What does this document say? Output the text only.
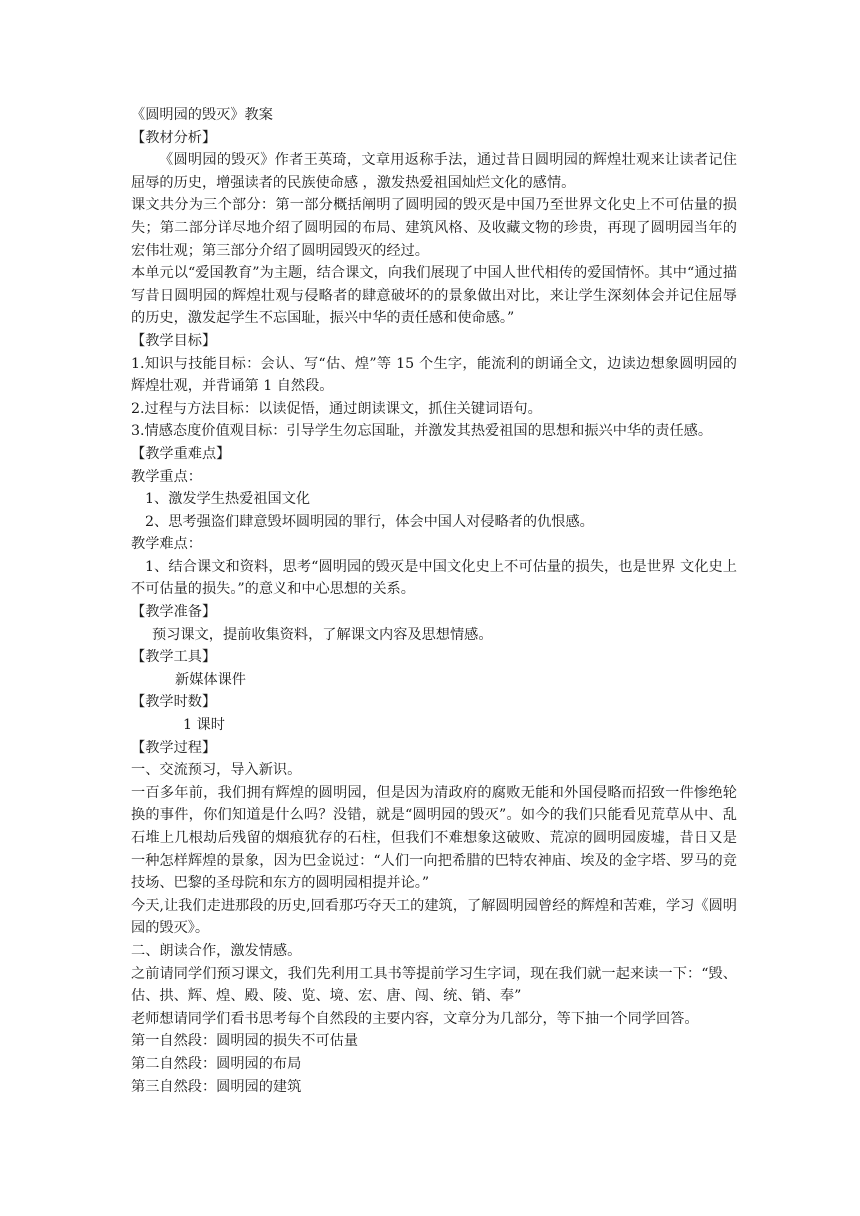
《圆明园的毁灭》教案

【教材分析】

《圆明园的毁灭》作者王英琦，文章用返称手法，通过昔日圆明园的辉煌壮观来让读者记住屈辱的历史，增强读者的民族使命感 ，激发热爱祖国灿烂文化的感情。

课文共分为三个部分：第一部分概括阐明了圆明园的毁灭是中国乃至世界文化史上不可估量的损失；第二部分详尽地介绍了圆明园的布局、建筑风格、及收藏文物的珍贵，再现了圆明园当年的宏伟壮观；第三部分介绍了圆明园毁灭的经过。

本单元以“爱国教育”为主题，结合课文，向我们展现了中国人世代相传的爱国情怀。其中“通过描写昔日圆明园的辉煌壮观与侵略者的肆意破坏的的景象做出对比，来让学生深刻体会并记住屈辱的历史，激发起学生不忘国耻，振兴中华的责任感和使命感。”

【教学目标】

1.知识与技能目标：会认、写“估、煌”等 15 个生字，能流利的朗诵全文，边读边想象圆明园的辉煌壮观，并背诵第 1 自然段。

2.过程与方法目标：以读促悟，通过朗读课文，抓住关键词语句。

3.情感态度价值观目标：引导学生勿忘国耻，并激发其热爱祖国的思想和振兴中华的责任感。

【教学重难点】

教学重点：

1、激发学生热爱祖国文化

2、思考强盗们肆意毁坏圆明园的罪行，体会中国人对侵略者的仇恨感。

教学难点：

1、结合课文和资料，思考“圆明园的毁灭是中国文化史上不可估量的损失，也是世界 文化史上不可估量的损失。”的意义和中心思想的关系。

【教学准备】

预习课文，提前收集资料，了解课文内容及思想情感。

【教学工具】

新媒体课件

【教学时数】

1 课时

【教学过程】

一、交流预习，导入新识。

一百多年前，我们拥有辉煌的圆明园，但是因为清政府的腐败无能和外国侵略而招致一件惨绝轮换的事件，你们知道是什么吗？没错，就是“圆明园的毁灭”。如今的我们只能看见荒草从中、乱石堆上几根劫后残留的烟痕犹存的石柱，但我们不难想象这破败、荒凉的圆明园废墟，昔日又是一种怎样辉煌的景象，因为巴金说过：“人们一向把希腊的巴特农神庙、埃及的金字塔、罗马的竞技场、巴黎的圣母院和东方的圆明园相提并论。”

今天,让我们走进那段的历史,回看那巧夺天工的建筑，了解圆明园曾经的辉煌和苦难，学习《圆明园的毁灭》。

二、朗读合作，激发情感。

之前请同学们预习课文，我们先利用工具书等提前学习生字词，现在我们就一起来读一下：“毁、估、拱、辉、煌、殿、陵、览、境、宏、唐、闯、统、销、奉”

老师想请同学们看书思考每个自然段的主要内容，文章分为几部分，等下抽一个同学回答。

第一自然段：圆明园的损失不可估量

第二自然段：圆明园的布局

第三自然段：圆明园的建筑
